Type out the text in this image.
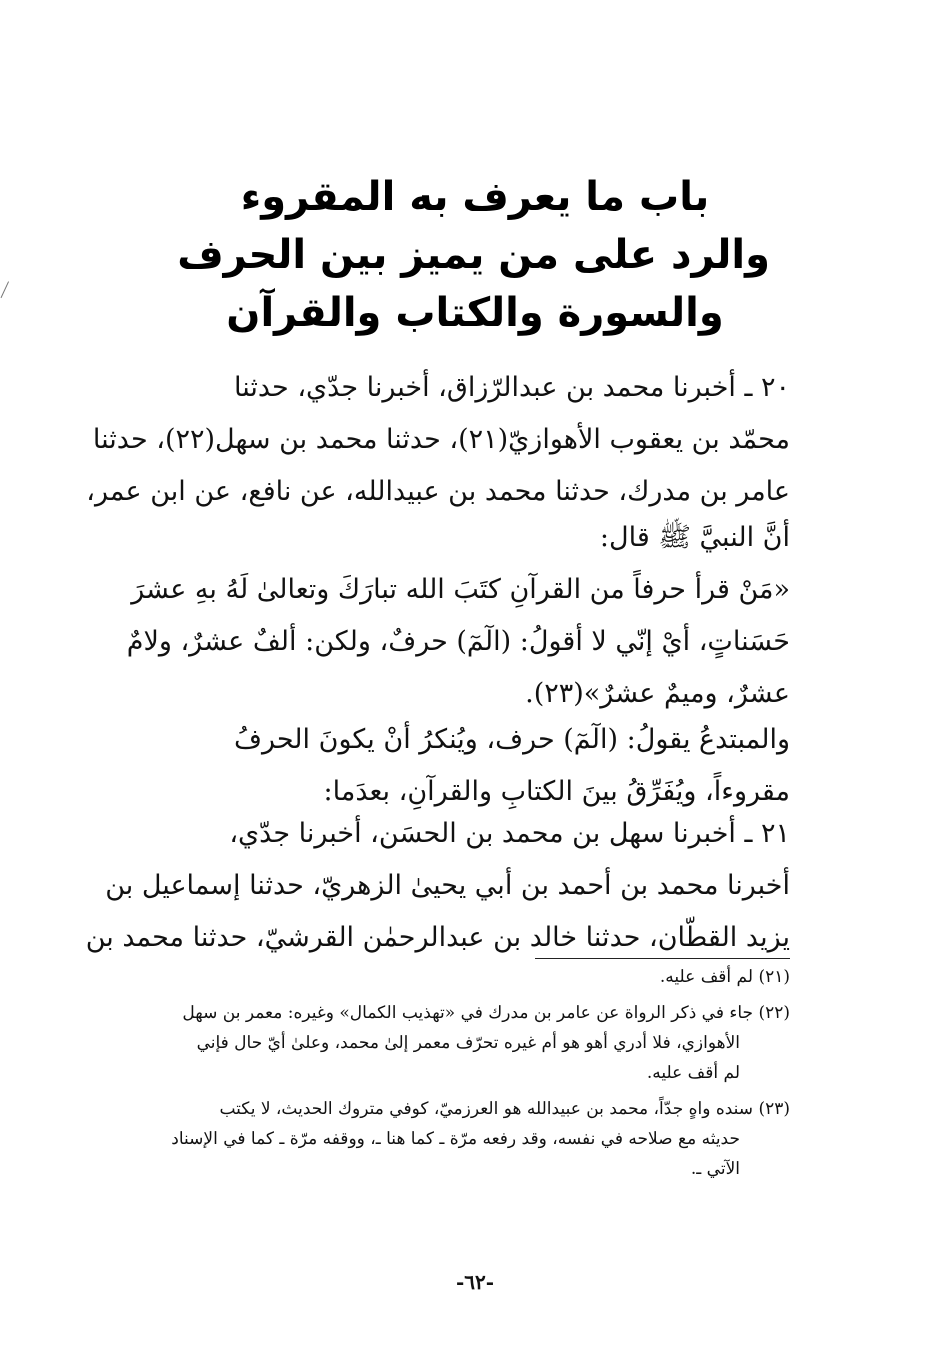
باب ما يعرف به المقروء
والرد على من يميز بين الحرف
والسورة والكتاب والقرآن

٢٠ ـ أخبرنا محمد بن عبدالرّزاق، أخبرنا جدّي، حدثنا

محمّد بن يعقوب الأهوازيّ(٢١)، حدثنا محمد بن سهل(٢٢)، حدثنا

عامر بن مدرك، حدثنا محمد بن عبيدالله، عن نافع، عن ابن عمر،

أنَّ النبيَّ ﷺ قال:

«مَنْ قرأ حرفاً من القرآنِ كتَبَ الله تبارَكَ وتعالىٰ لَهُ بهِ عشرَ

حَسَناتٍ، أيْ إنّي لا أقولُ: (الٓمٓ) حرفٌ، ولكن: ألفٌ عشرٌ، ولامٌ

عشرٌ، وميمٌ عشرٌ»(٢٣).

والمبتدعُ يقولُ: (الٓمٓ) حرف، ويُنكرُ أنْ يكونَ الحرفُ

مقروءاً، ويُفَرِّقُ بينَ الكتابِ والقرآنِ، بعدَما:

٢١ ـ أخبرنا سهل بن محمد بن الحسَن، أخبرنا جدّي،

أخبرنا محمد بن أحمد بن أبي يحيىٰ الزهريّ، حدثنا إسماعيل بن

يزيد القطّان، حدثنا خالد بن عبدالرحمٰن القرشيّ، حدثنا محمد بن

(٢١) لم أقف عليه.

(٢٢) جاء في ذكر الرواة عن عامر بن مدرك في «تهذيب الكمال» وغيره: معمر بن سهل

الأهوازي، فلا أدري أهو هو أم غيره تحرّف معمر إلىٰ محمد، وعلىٰ أيّ حال فإني

لم أقف عليه.

(٢٣) سنده واهٍ جدّاً، محمد بن عبيدالله هو العرزميّ، كوفي متروك الحديث، لا يكتب

حديثه مع صلاحه في نفسه، وقد رفعه مرّة ـ كما هنا ـ، ووقفه مرّة ـ كما في الإسناد

الآتي ـ.

-٦٢-
